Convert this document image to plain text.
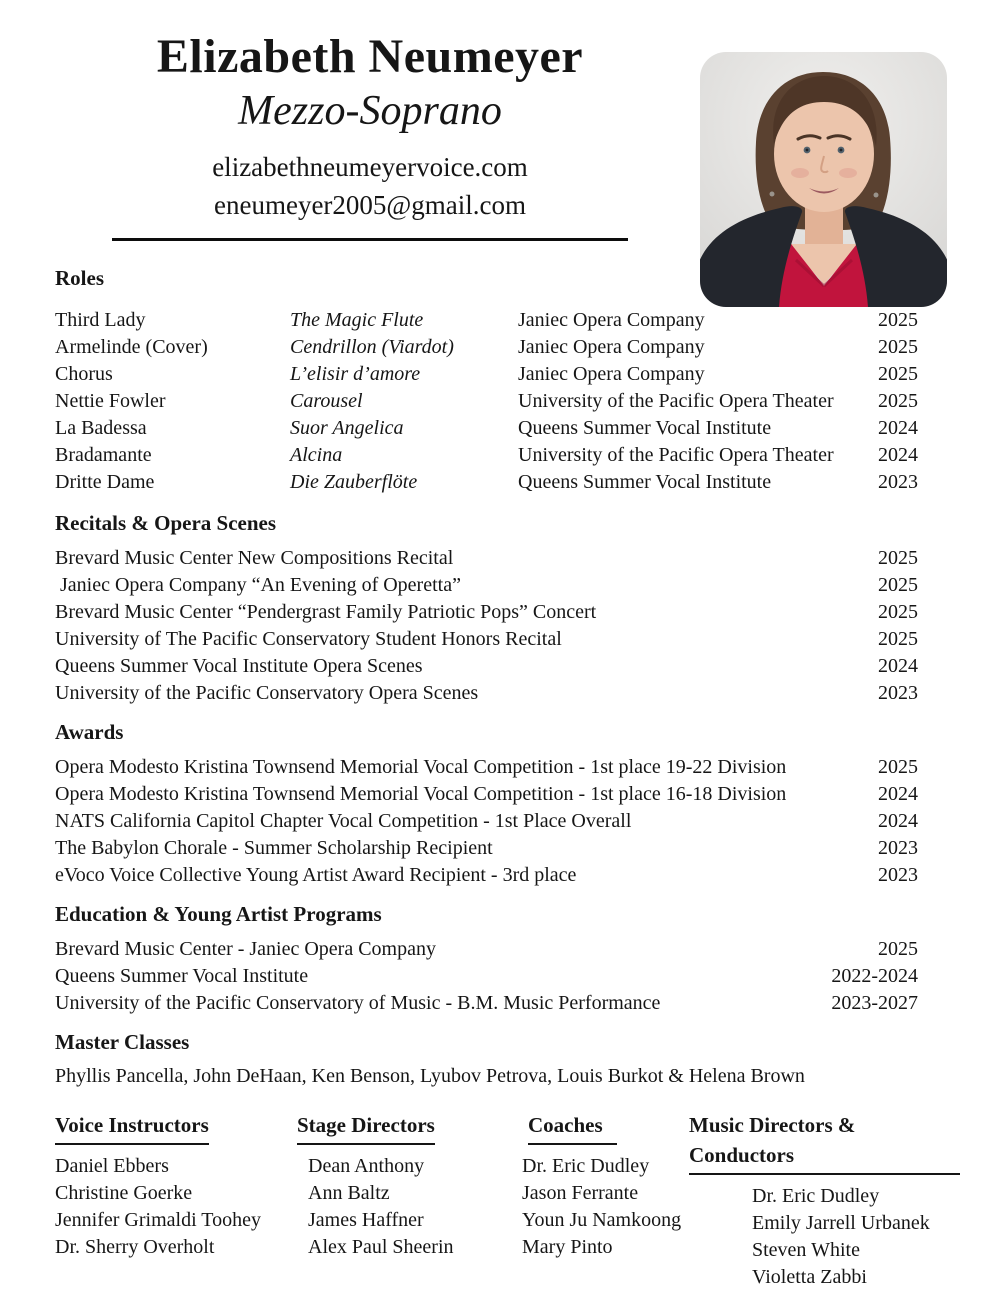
Elizabeth Neumeyer
Mezzo-Soprano
elizabethneumeyervoice.com
eneumeyer2005@gmail.com
Roles
Third Lady	The Magic Flute	Janiec Opera Company	2025
Armelinde (Cover)	Cendrillon (Viardot)	Janiec Opera Company	2025
Chorus	L’elisir d’amore	Janiec Opera Company	2025
Nettie Fowler	Carousel	University of the Pacific Opera Theater	2025
La Badessa	Suor Angelica	Queens Summer Vocal Institute	2024
Bradamante	Alcina	University of the Pacific Opera Theater	2024
Dritte Dame	Die Zauberflöte	Queens Summer Vocal Institute	2023
Recitals & Opera Scenes
Brevard Music Center New Compositions Recital	2025
Janiec Opera Company “An Evening of Operetta”	2025
Brevard Music Center “Pendergrast Family Patriotic Pops” Concert	2025
University of The Pacific Conservatory Student Honors Recital	2025
Queens Summer Vocal Institute Opera Scenes	2024
University of the Pacific Conservatory Opera Scenes	2023
Awards
Opera Modesto Kristina Townsend Memorial Vocal Competition - 1st place 19-22 Division	2025
Opera Modesto Kristina Townsend Memorial Vocal Competition - 1st place 16-18 Division	2024
NATS California Capitol Chapter Vocal Competition - 1st Place Overall	2024
The Babylon Chorale - Summer Scholarship Recipient	2023
eVoco Voice Collective Young Artist Award Recipient - 3rd place	2023
Education & Young Artist Programs
Brevard Music Center - Janiec Opera Company	2025
Queens Summer Vocal Institute	2022-2024
University of the Pacific Conservatory of Music - B.M. Music Performance	2023-2027
Master Classes
Phyllis Pancella, John DeHaan, Ken Benson, Lyubov Petrova, Louis Burkot & Helena Brown
Voice Instructors
Daniel Ebbers
Christine Goerke
Jennifer Grimaldi Toohey
Dr. Sherry Overholt
Stage Directors
Dean Anthony
Ann Baltz
James Haffner
Alex Paul Sheerin
Coaches
Dr. Eric Dudley
Jason Ferrante
Youn Ju Namkoong
Mary Pinto
Music Directors & Conductors
Dr. Eric Dudley
Emily Jarrell Urbanek
Steven White
Violetta Zabbi
